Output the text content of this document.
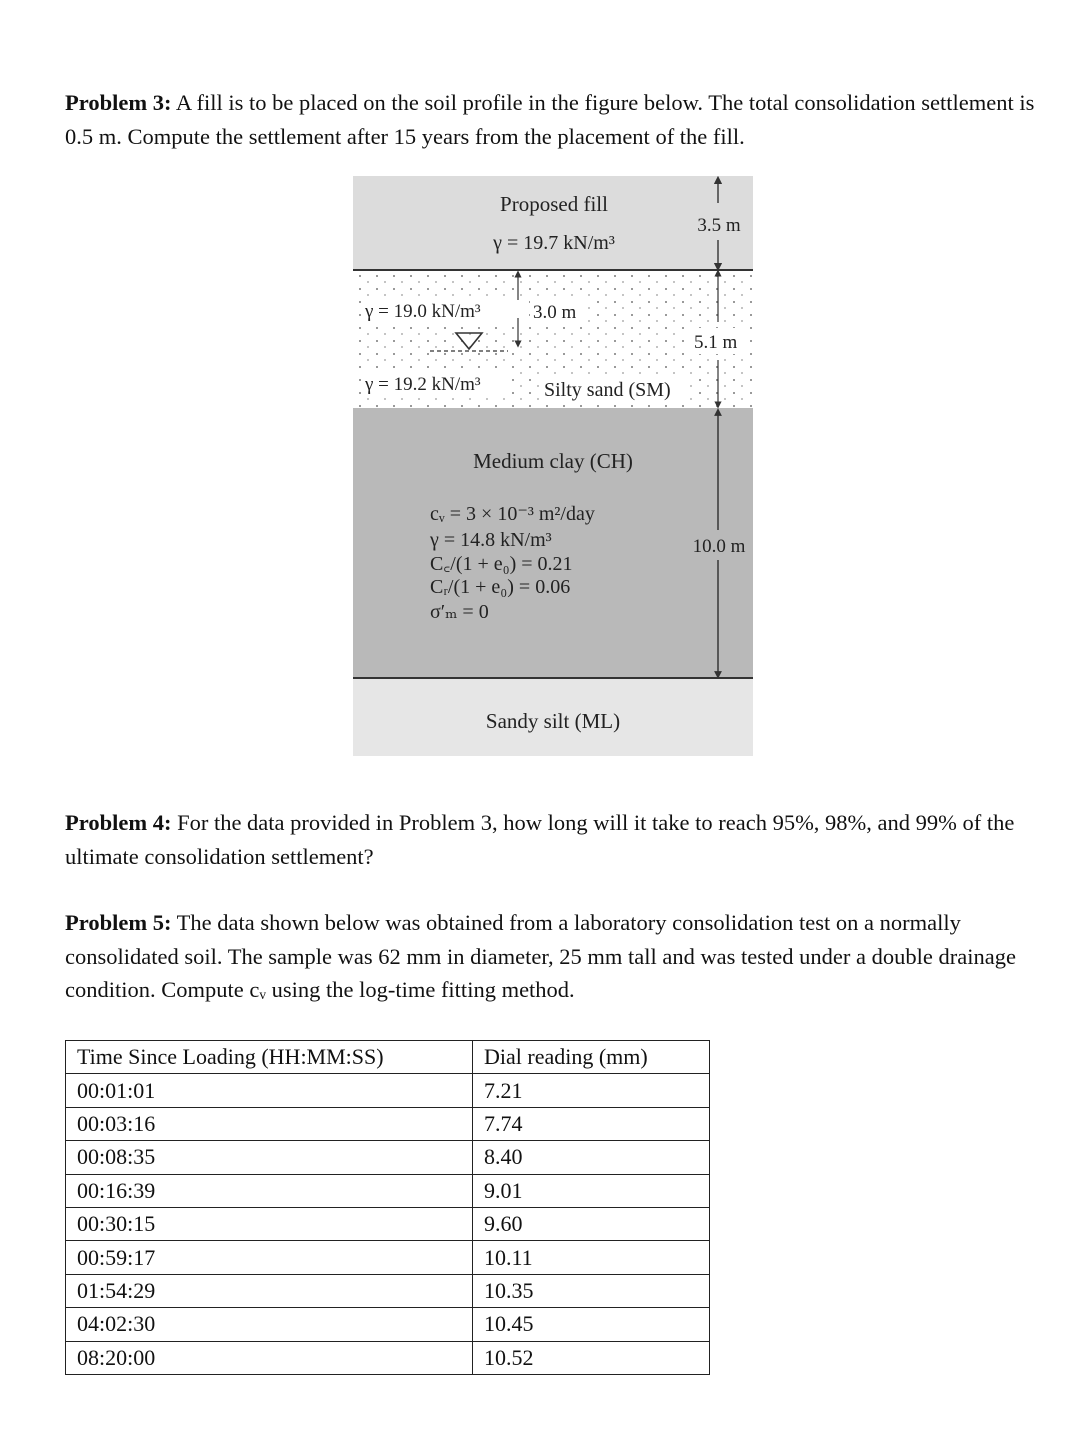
Problem 3: A fill is to be placed on the soil profile in the figure below. The total consolidation settlement is 0.5 m. Compute the settlement after 15 years from the placement of the fill.
Proposed fill
γ = 19.7 kN/m³
3.5 m
γ = 19.0 kN/m³	3.0 m
γ = 19.2 kN/m³	Silty sand (SM)
5.1 m
Medium clay (CH)
cᵥ = 3 × 10⁻³ m²/day
γ = 14.8 kN/m³
C꜀/(1 + e₀) = 0.21
Cᵣ/(1 + e₀) = 0.06
σ′ₘ = 0
10.0 m
Sandy silt (ML)
Problem 4: For the data provided in Problem 3, how long will it take to reach 95%, 98%, and 99% of the ultimate consolidation settlement?
Problem 5: The data shown below was obtained from a laboratory consolidation test on a normally consolidated soil. The sample was 62 mm in diameter, 25 mm tall and was tested under a double drainage condition. Compute cᵥ using the log-time fitting method.
Time Since Loading (HH:MM:SS)	Dial reading (mm)
00:01:01	7.21
00:03:16	7.74
00:08:35	8.40
00:16:39	9.01
00:30:15	9.60
00:59:17	10.11
01:54:29	10.35
04:02:30	10.45
08:20:00	10.52
